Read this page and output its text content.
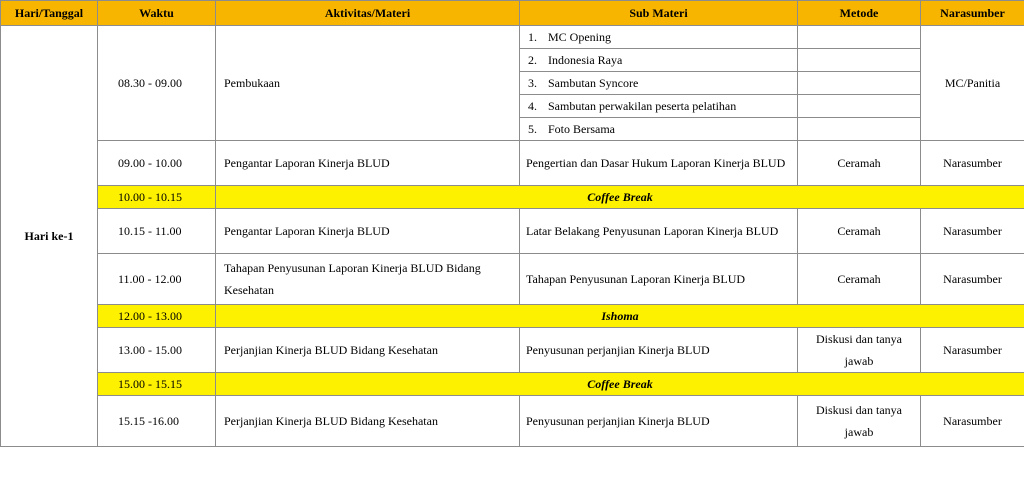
Hari/Tanggal	Waktu	Aktivitas/Materi	Sub Materi	Metode	Narasumber
Hari ke-1	08.30 - 09.00	Pembukaan	1. MC Opening		MC/Panitia
			2. Indonesia Raya		
			3. Sambutan Syncore		
			4. Sambutan perwakilan peserta pelatihan		
			5. Foto Bersama		
	09.00 - 10.00	Pengantar Laporan Kinerja BLUD	Pengertian dan Dasar Hukum Laporan Kinerja BLUD	Ceramah	Narasumber
	10.00 - 10.15	Coffee Break			
	10.15 - 11.00	Pengantar Laporan Kinerja BLUD	Latar Belakang Penyusunan Laporan Kinerja BLUD	Ceramah	Narasumber
	11.00 - 12.00	Tahapan Penyusunan Laporan Kinerja BLUD Bidang Kesehatan	Tahapan Penyusunan Laporan Kinerja BLUD	Ceramah	Narasumber
	12.00 - 13.00	Ishoma			
	13.00 - 15.00	Perjanjian Kinerja BLUD Bidang Kesehatan	Penyusunan perjanjian Kinerja BLUD	Diskusi dan tanya jawab	Narasumber
	15.00 - 15.15	Coffee Break			
	15.15 -16.00	Perjanjian Kinerja BLUD Bidang Kesehatan	Penyusunan perjanjian Kinerja BLUD	Diskusi dan tanya jawab	Narasumber
